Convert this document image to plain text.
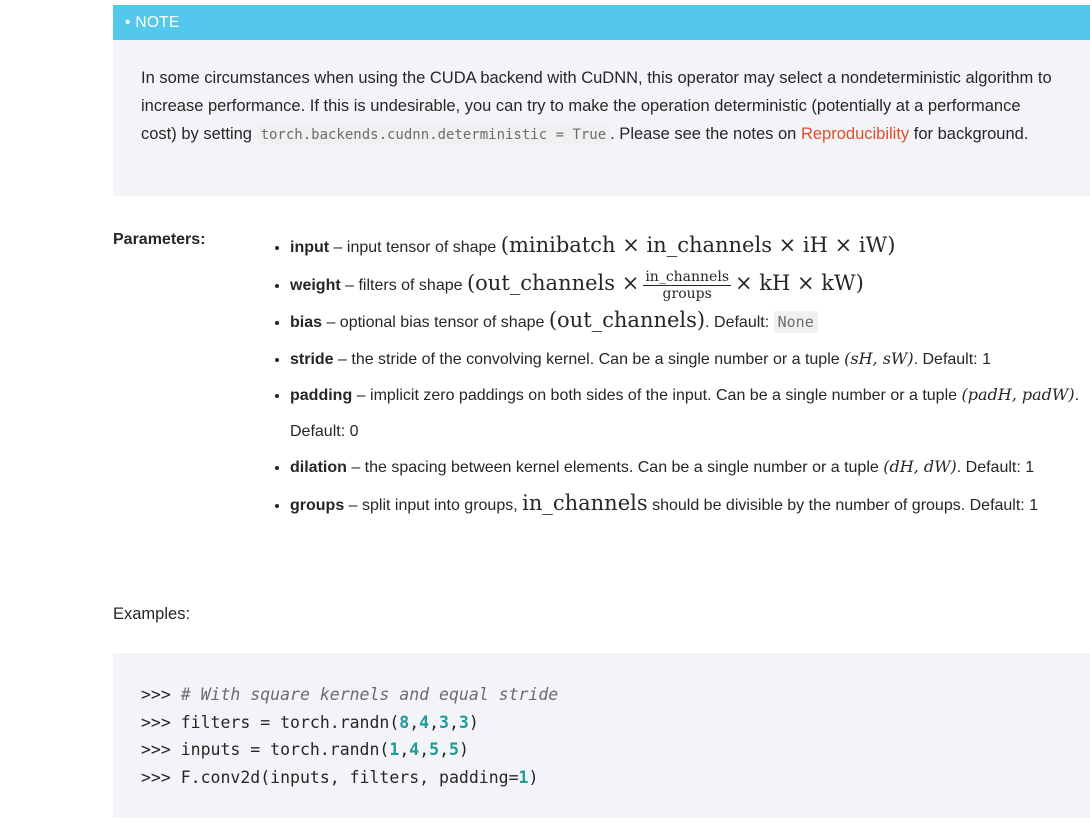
• NOTE
In some circumstances when using the CUDA backend with CuDNN, this operator may select a nondeterministic algorithm to increase performance. If this is undesirable, you can try to make the operation deterministic (potentially at a performance cost) by setting torch.backends.cudnn.deterministic = True . Please see the notes on Reproducibility for background.
Parameters:
•	input – input tensor of shape (minibatch × in_channels × iH × iW)
• weight – filters of shape (out_channels × $\frac{\text{in\_channels}}{\text{groups}}$ × kH × kW)
• bias – optional bias tensor of shape (out_channels). Default: None
• stride – the stride of the convolving kernel. Can be a single number or a tuple (sH, sW). Default: 1
• padding – implicit zero paddings on both sides of the input. Can be a single number or a tuple (padH, padW). Default: 0
• dilation – the spacing between kernel elements. Can be a single number or a tuple (dH, dW). Default: 1
• groups – split input into groups, in_channels should be divisible by the number of groups. Default: 1
Examples:
>>> # With square kernels and equal stride
>>> filters = torch.randn(8,4,3,3)
>>> inputs = torch.randn(1,4,5,5)
>>> F.conv2d(inputs, filters, padding=1)
